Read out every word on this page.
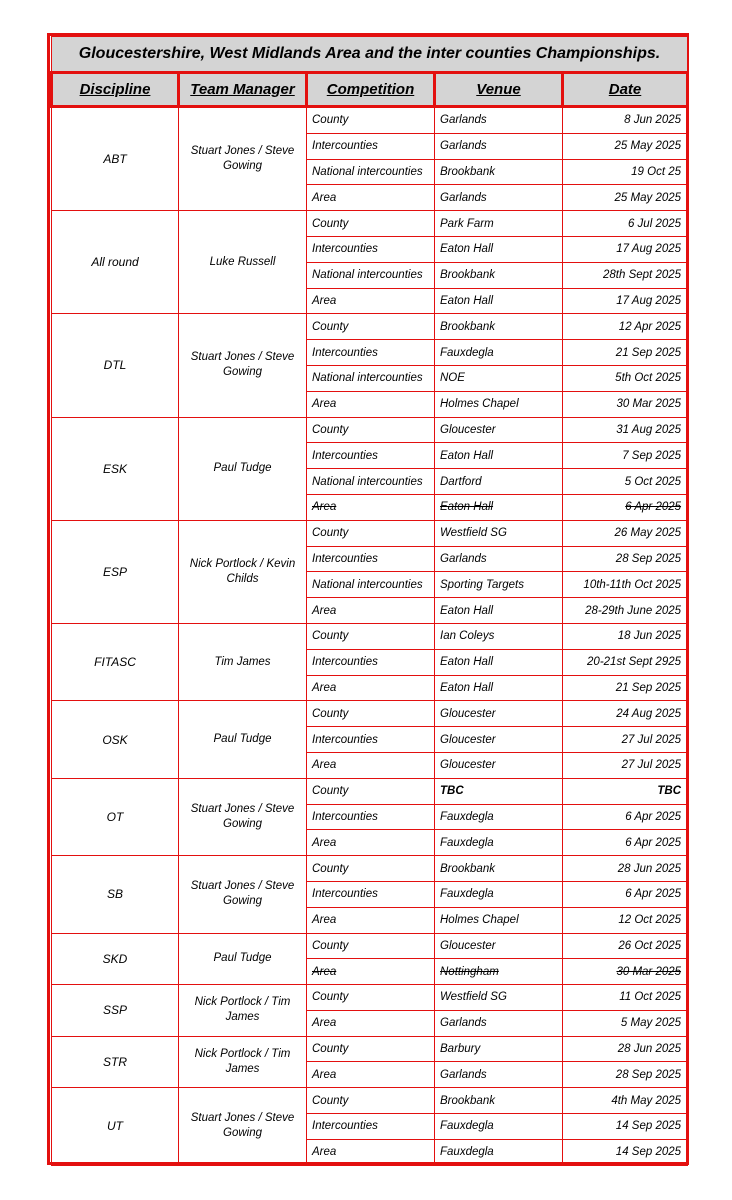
Gloucestershire, West Midlands Area and the inter counties Championships.				
Discipline	Team Manager	Competition	Venue	Date
ABT	Stuart Jones / Steve Gowing	County	Garlands	8 Jun 2025
		Intercounties	Garlands	25 May 2025
		National intercounties	Brookbank	19 Oct 25
		Area	Garlands	25 May 2025
All round	Luke Russell	County	Park Farm	6 Jul 2025
		Intercounties	Eaton Hall	17 Aug 2025
		National intercounties	Brookbank	28th Sept 2025
		Area	Eaton Hall	17 Aug 2025
DTL	Stuart Jones / Steve Gowing	County	Brookbank	12 Apr 2025
		Intercounties	Fauxdegla	21 Sep 2025
		National intercounties	NOE	5th Oct 2025
		Area	Holmes Chapel	30 Mar 2025
ESK	Paul Tudge	County	Gloucester	31 Aug 2025
		Intercounties	Eaton Hall	7 Sep 2025
		National intercounties	Dartford	5 Oct 2025
		Area	Eaton Hall	6 Apr 2025
ESP	Nick Portlock / Kevin Childs	County	Westfield SG	26 May 2025
		Intercounties	Garlands	28 Sep 2025
		National intercounties	Sporting Targets	10th-11th Oct 2025
		Area	Eaton Hall	28-29th June 2025
FITASC	Tim James	County	Ian Coleys	18 Jun 2025
		Intercounties	Eaton Hall	20-21st Sept 2925
		Area	Eaton Hall	21 Sep 2025
OSK	Paul Tudge	County	Gloucester	24 Aug 2025
		Intercounties	Gloucester	27 Jul 2025
		Area	Gloucester	27 Jul 2025
OT	Stuart Jones / Steve Gowing	County	TBC	TBC
		Intercounties	Fauxdegla	6 Apr 2025
		Area	Fauxdegla	6 Apr 2025
SB	Stuart Jones / Steve Gowing	County	Brookbank	28 Jun 2025
		Intercounties	Fauxdegla	6 Apr 2025
		Area	Holmes Chapel	12 Oct 2025
SKD	Paul Tudge	County	Gloucester	26 Oct 2025
		Area	Nottingham	30 Mar 2025
SSP	Nick Portlock / Tim James	County	Westfield SG	11 Oct 2025
		Area	Garlands	5 May 2025
STR	Nick Portlock / Tim James	County	Barbury	28 Jun 2025
		Area	Garlands	28 Sep 2025
UT	Stuart Jones / Steve Gowing	County	Brookbank	4th May 2025
		Intercounties	Fauxdegla	14 Sep 2025
		Area	Fauxdegla	14 Sep 2025
